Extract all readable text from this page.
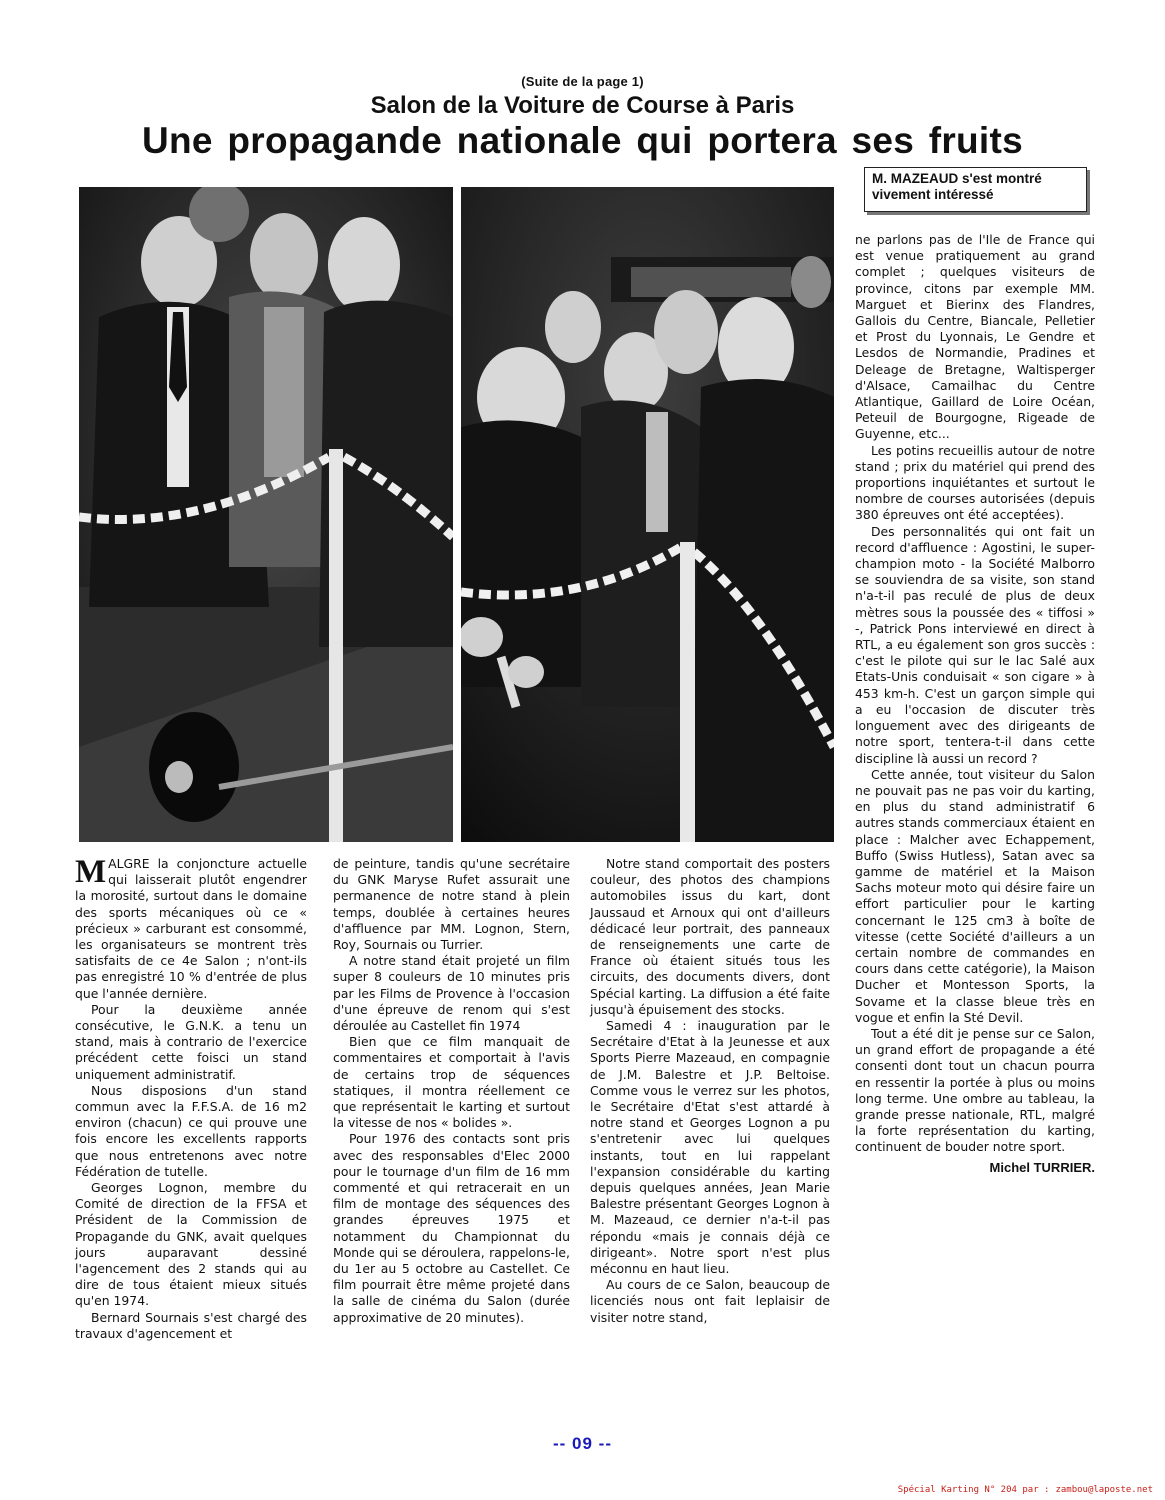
(Suite de la page 1)
Salon de la Voiture de Course à Paris
Une propagande nationale qui portera ses fruits
M. MAZEAUD s'est montré vivement intéressé

MALGRE la conjoncture actuelle qui laisserait plutôt engendrer la morosité, surtout dans le domaine des sports mécaniques où ce « précieux » carburant est consommé, les organisateurs se montrent très satisfaits de ce 4e Salon ; n'ont-ils pas enregistré 10 % d'entrée de plus que l'année dernière.

Pour la deuxième année consécutive, le G.N.K. a tenu un stand, mais à contrario de l'exercice précédent cette foisci un stand uniquement administratif.

Nous disposions d'un stand commun avec la F.F.S.A. de 16 m2 environ (chacun) ce qui prouve une fois encore les excellents rapports que nous entretenons avec notre Fédération de tutelle.

Georges Lognon, membre du Comité de direction de la FFSA et Président de la Commission de Propagande du GNK, avait quelques jours auparavant dessiné l'agencement des 2 stands qui au dire de tous étaient mieux situés qu'en 1974.

Bernard Sournais s'est chargé des travaux d'agencement et

de peinture, tandis qu'une secrétaire du GNK Maryse Rufet assurait une permanence de notre stand à plein temps, doublée à certaines heures d'affluence par MM. Lognon, Stern, Roy, Sournais ou Turrier.

A notre stand était projeté un film super 8 couleurs de 10 minutes pris par les Films de Provence à l'occasion d'une épreuve de renom qui s'est déroulée au Castellet fin 1974

Bien que ce film manquait de commentaires et comportait à l'avis de certains trop de séquences statiques, il montra réellement ce que représentait le karting et surtout la vitesse de nos « bolides ».

Pour 1976 des contacts sont pris avec des responsables d'Elec 2000 pour le tournage d'un film de 16 mm commenté et qui retracerait en un film de montage des séquences des grandes épreuves 1975 et notamment du Championnat du Monde qui se déroulera, rappelons-le, du 1er au 5 octobre au Castellet. Ce film pourrait être même projeté dans la salle de cinéma du Salon (durée approximative de 20 minutes).

Notre stand comportait des posters couleur, des photos des champions automobiles issus du kart, dont Jaussaud et Arnoux qui ont d'ailleurs dédicacé leur portrait, des panneaux de renseignements une carte de France où étaient situés tous les circuits, des documents divers, dont Spécial karting. La diffusion a été faite jusqu'à épuisement des stocks.

Samedi 4 : inauguration par le Secrétaire d'Etat à la Jeunesse et aux Sports Pierre Mazeaud, en compagnie de J.M. Balestre et J.P. Beltoise. Comme vous le verrez sur les photos, le Secrétaire d'Etat s'est attardé à notre stand et Georges Lognon a pu s'entretenir avec lui quelques instants, tout en lui rappelant l'expansion considérable du karting depuis quelques années, Jean Marie Balestre présentant Georges Lognon à M. Mazeaud, ce dernier n'a-t-il pas répondu «mais je connais déjà ce dirigeant». Notre sport n'est plus méconnu en haut lieu.

Au cours de ce Salon, beaucoup de licenciés nous ont fait leplaisir de visiter notre stand,

ne parlons pas de l'Ile de France qui est venue pratiquement au grand complet ; quelques visiteurs de province, citons par exemple MM. Marguet et Bierinx des Flandres, Gallois du Centre, Biancale, Pelletier et Prost du Lyonnais, Le Gendre et Lesdos de Normandie, Pradines et Deleage de Bretagne, Waltisperger d'Alsace, Camailhac du Centre Atlantique, Gaillard de Loire Océan, Peteuil de Bourgogne, Rigeade de Guyenne, etc...

Les potins recueillis autour de notre stand ; prix du matériel qui prend des proportions inquiétantes et surtout le nombre de courses autorisées (depuis 380 épreuves ont été acceptées).

Des personnalités qui ont fait un record d'affluence : Agostini, le super-champion moto - la Société Malborro se souviendra de sa visite, son stand n'a-t-il pas reculé de plus de deux mètres sous la poussée des « tiffosi » -, Patrick Pons interviewé en direct à RTL, a eu également son gros succès : c'est le pilote qui sur le lac Salé aux Etats-Unis conduisait « son cigare » à 453 km-h. C'est un garçon simple qui a eu l'occasion de discuter très longuement avec des dirigeants de notre sport, tentera-t-il dans cette discipline là aussi un record ?

Cette année, tout visiteur du Salon ne pouvait pas ne pas voir du karting, en plus du stand administratif 6 autres stands commerciaux étaient en place : Malcher avec Echappement, Buffo (Swiss Hutless), Satan avec sa gamme de matériel et la Maison Sachs moteur moto qui désire faire un effort particulier pour le karting concernant le 125 cm3 à boîte de vitesse (cette Société d'ailleurs a un certain nombre de commandes en cours dans cette catégorie), la Maison Ducher et Montesson Sports, la Sovame et la classe bleue très en vogue et enfin la Sté Devil.

Tout a été dit je pense sur ce Salon, un grand effort de propagande a été consenti dont tout un chacun pourra en ressentir la portée à plus ou moins long terme. Une ombre au tableau, la grande presse nationale, RTL, malgré la forte représentation du karting, continuent de bouder notre sport.

Michel TURRIER.
-- 09 --
Spécial Karting N° 204 par : zambou@laposte.net
